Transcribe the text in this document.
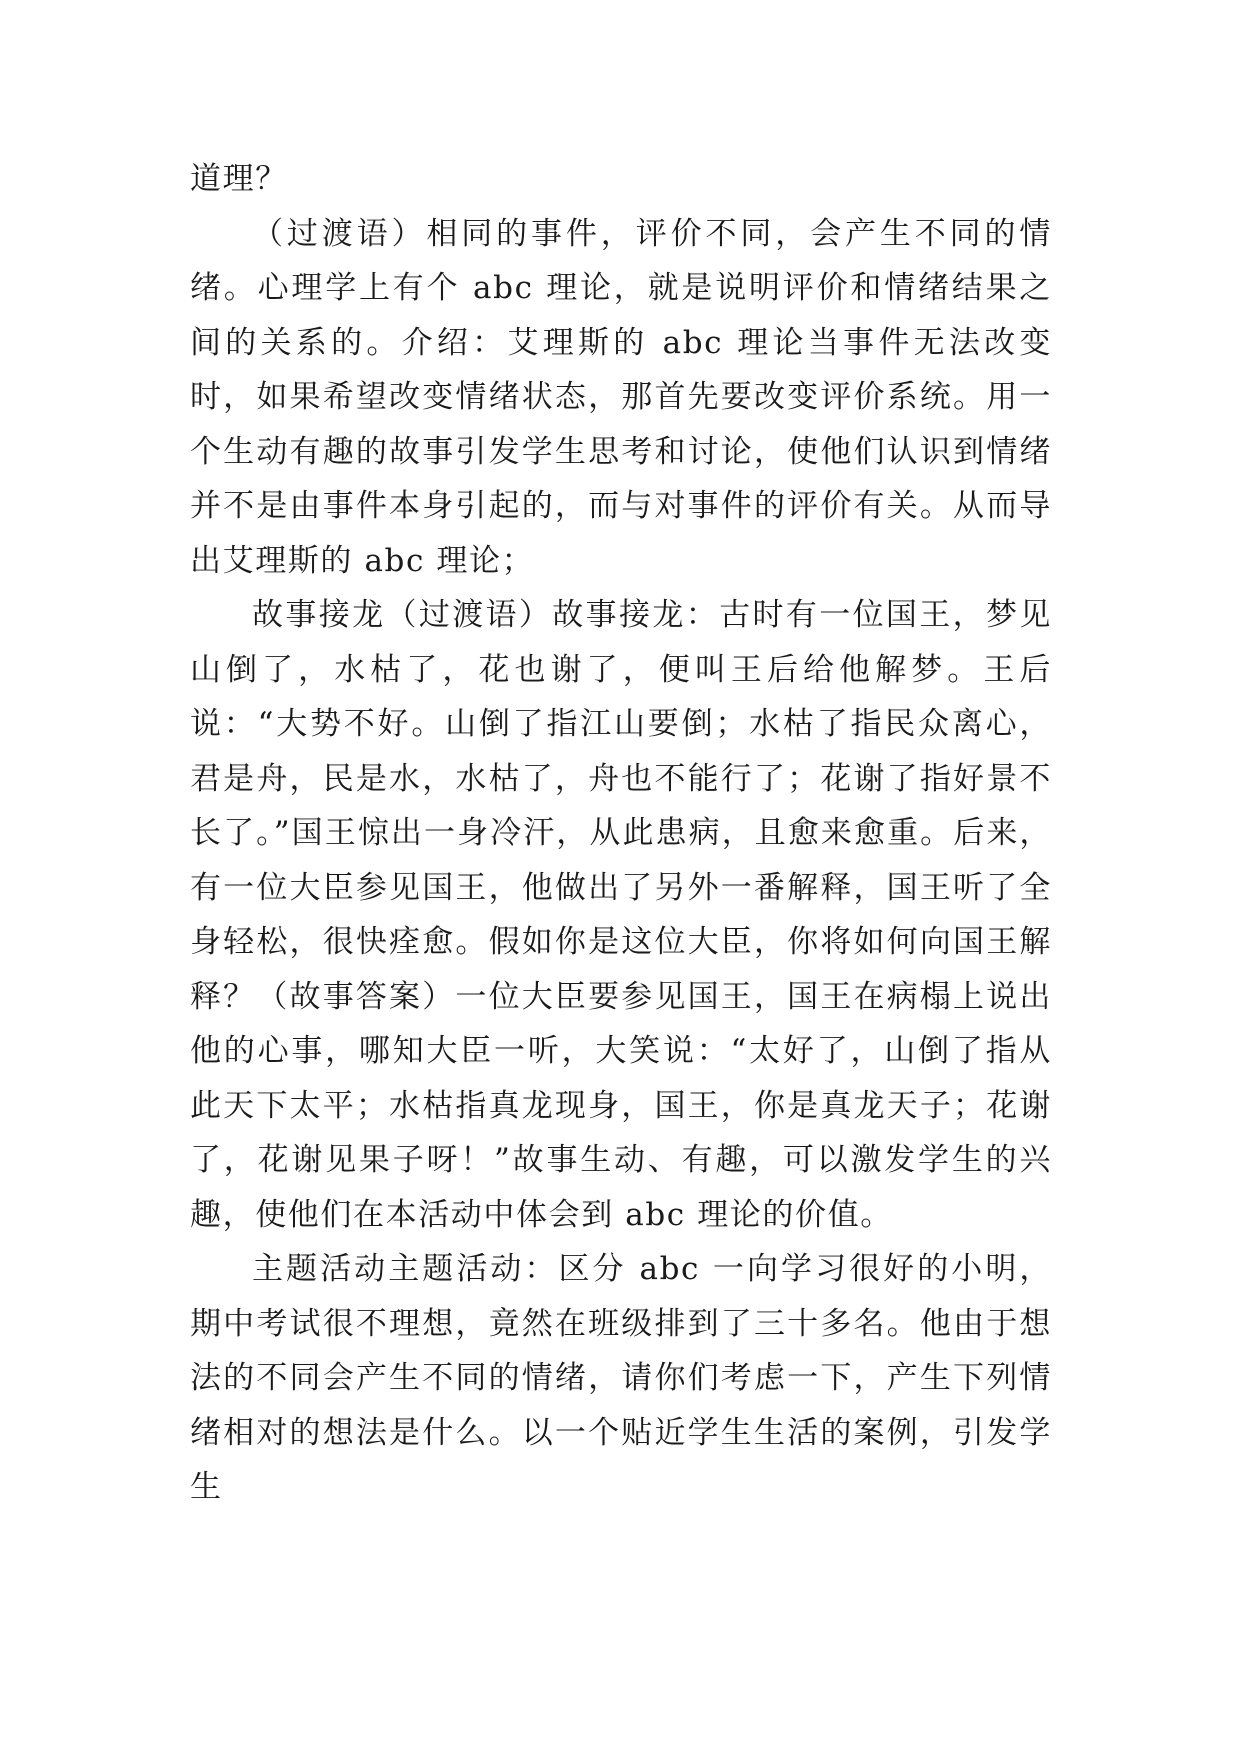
道理？

（过渡语）相同的事件，评价不同，会产生不同的情绪。心理学上有个 abc 理论，就是说明评价和情绪结果之间的关系的。介绍：艾理斯的 abc 理论当事件无法改变时，如果希望改变情绪状态，那首先要改变评价系统。用一个生动有趣的故事引发学生思考和讨论，使他们认识到情绪并不是由事件本身引起的，而与对事件的评价有关。从而导出艾理斯的 abc 理论；

故事接龙（过渡语）故事接龙：古时有一位国王，梦见山倒了，水枯了，花也谢了，便叫王后给他解梦。王后说：“大势不好。山倒了指江山要倒；水枯了指民众离心，君是舟，民是水，水枯了，舟也不能行了；花谢了指好景不长了。”国王惊出一身冷汗，从此患病，且愈来愈重。后来，有一位大臣参见国王，他做出了另外一番解释，国王听了全身轻松，很快痊愈。假如你是这位大臣，你将如何向国王解释？（故事答案）一位大臣要参见国王，国王在病榻上说出他的心事，哪知大臣一听，大笑说：“太好了，山倒了指从此天下太平；水枯指真龙现身，国王，你是真龙天子；花谢了，花谢见果子呀！”故事生动、有趣，可以激发学生的兴趣，使他们在本活动中体会到 abc 理论的价值。

主题活动主题活动：区分 abc 一向学习很好的小明，期中考试很不理想，竟然在班级排到了三十多名。他由于想法的不同会产生不同的情绪，请你们考虑一下，产生下列情绪相对的想法是什么。以一个贴近学生生活的案例，引发学生
